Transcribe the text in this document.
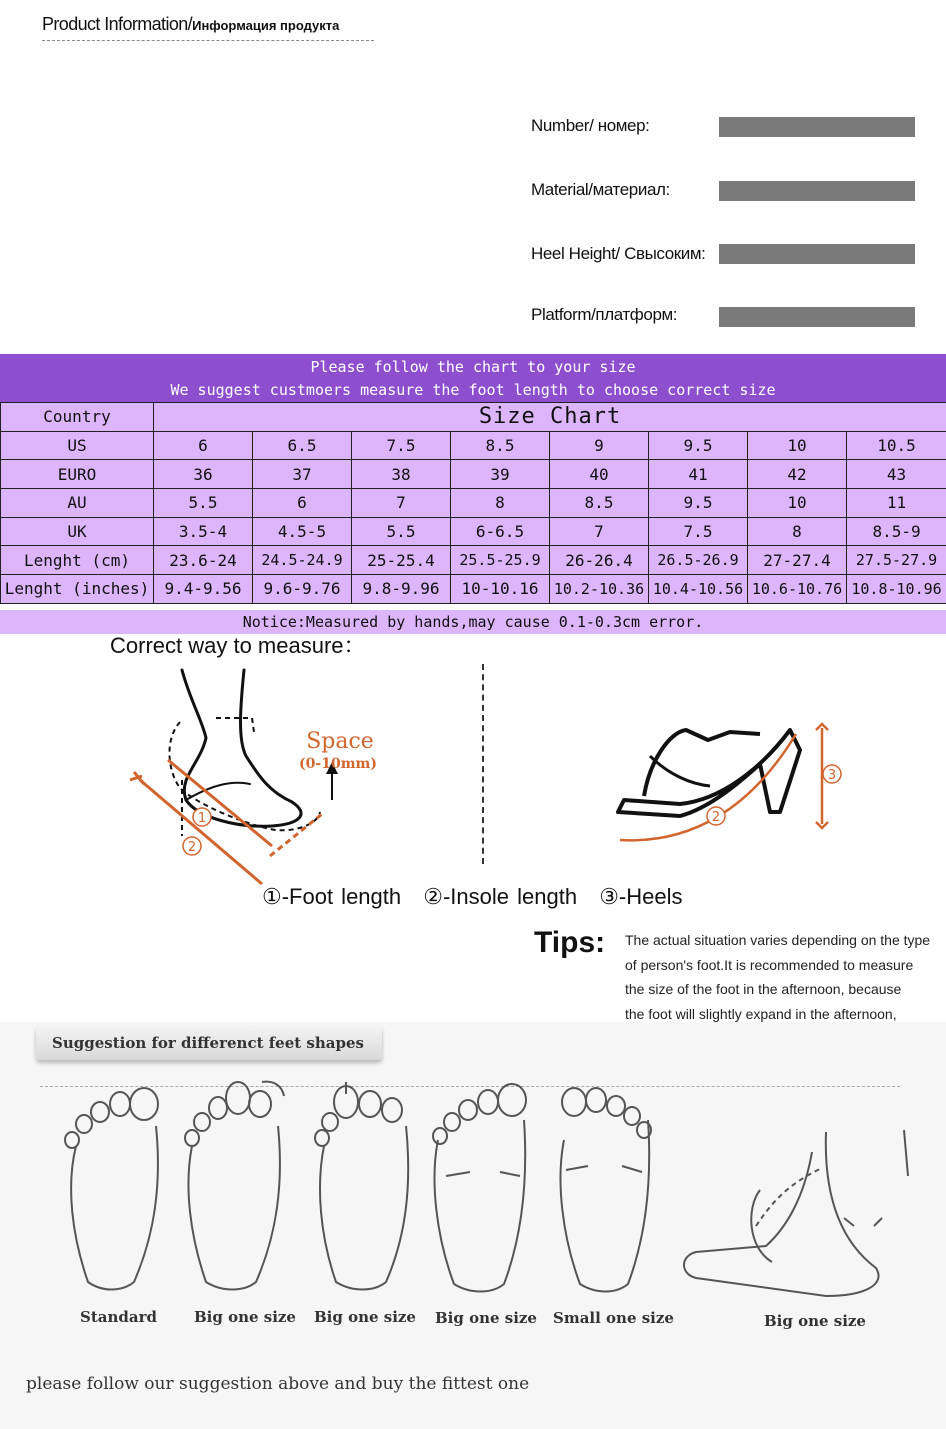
Product Information/Информация продукта
Number/ номер:
Material/материал:
Heel Height/ Свысоким:
Platform/платформ:
Please follow the chart to your size
We suggest custmoers measure the foot length to choose correct size
Country	Size Chart							
US	6	6.5	7.5	8.5	9	9.5	10	10.5
EURO	36	37	38	39	40	41	42	43
AU	5.5	6	7	8	8.5	9.5	10	11
UK	3.5-4	4.5-5	5.5	6-6.5	7	7.5	8	8.5-9
Lenght (cm)	23.6-24	24.5-24.9	25-25.4	25.5-25.9	26-26.4	26.5-26.9	27-27.4	27.5-27.9
Lenght (inches)	9.4-9.56	9.6-9.76	9.8-9.96	10-10.16	10.2-10.36	10.4-10.56	10.6-10.76	10.8-10.96
Notice:Measured by hands,may cause 0.1-0.3cm error.
Correct way to measure：
1
2
Space
(0-10mm)
2
3
①-Foot length ②-Insole length ③-Heels
Tips: The actual situation varies depending on the type
of person's foot.It is recommended to measure
the size of the foot in the afternoon, because
the foot will slightly expand in the afternoon,
Suggestion for differenct feet shapes
Standard Big one size Big one size Big one size Small one size	Big one size
please follow our suggestion above and buy the fittest one
